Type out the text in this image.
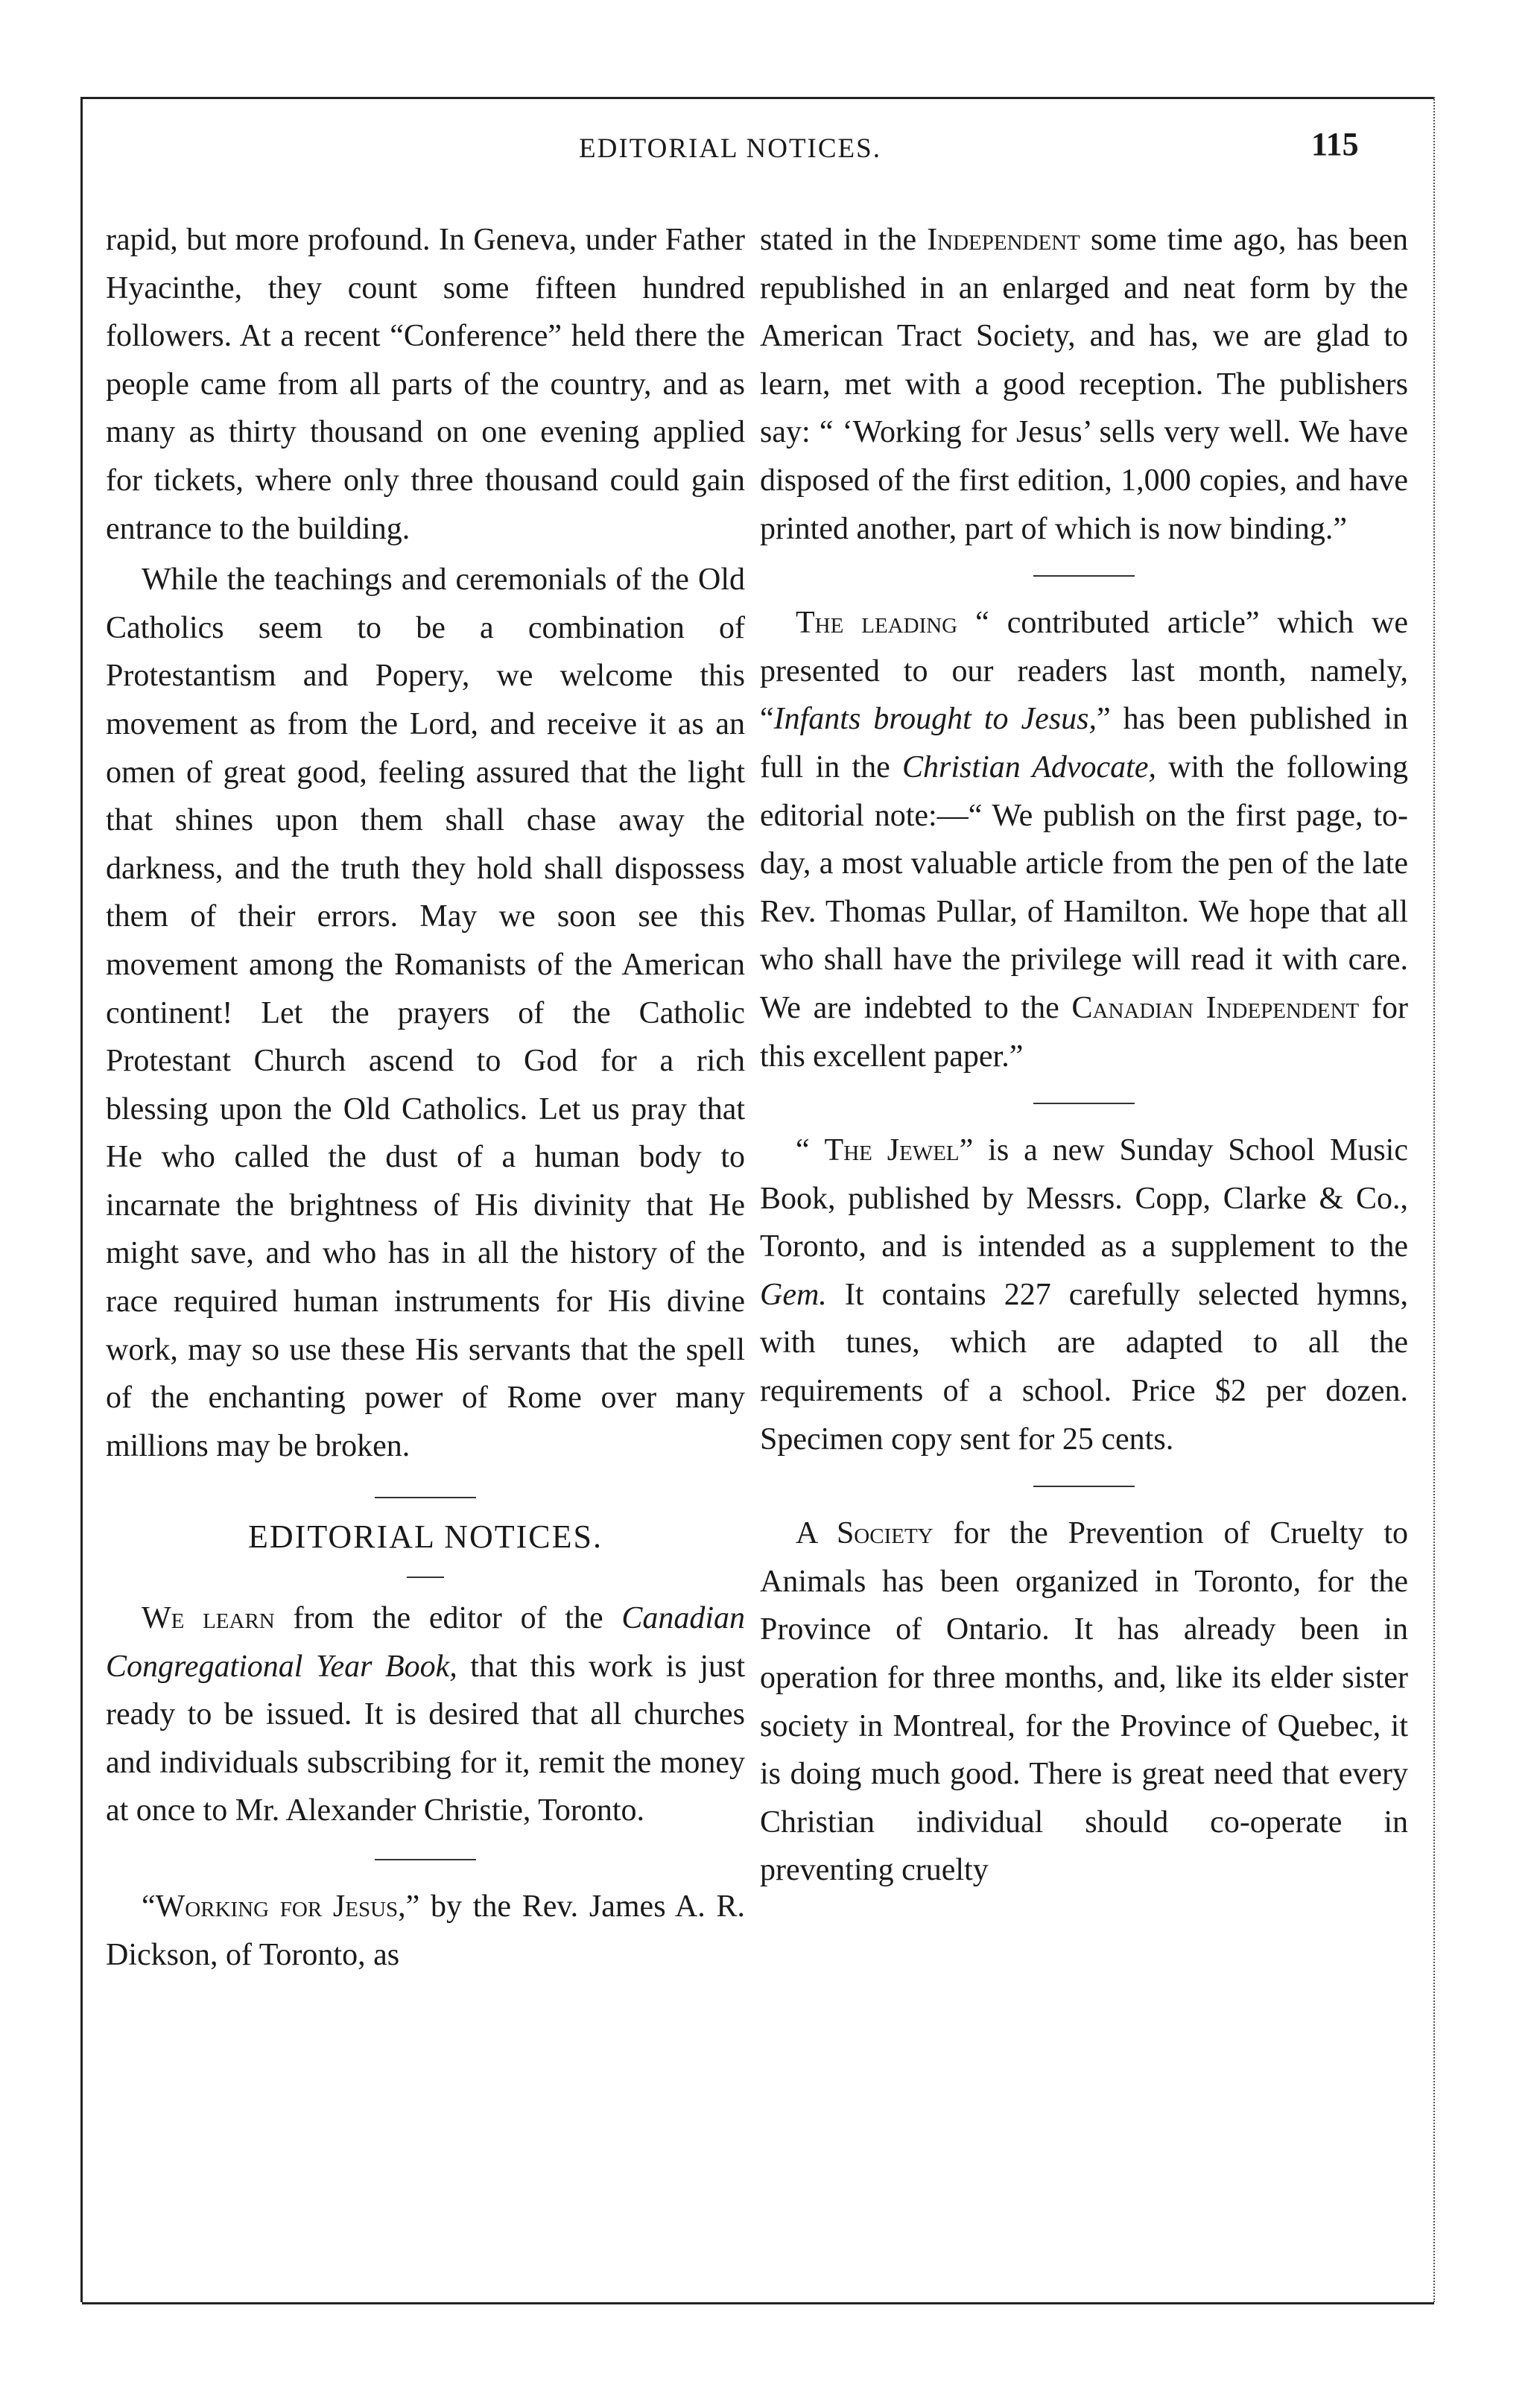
EDITORIAL NOTICES.	115

rapid, but more profound. In Geneva, under Father Hyacinthe, they count some fifteen hundred followers. At a recent “Conference” held there the people came from all parts of the country, and as many as thirty thousand on one evening applied for tickets, where only three thousand could gain entrance to the building.

While the teachings and ceremonials of the Old Catholics seem to be a combination of Protestantism and Popery, we welcome this movement as from the Lord, and receive it as an omen of great good, feeling assured that the light that shines upon them shall chase away the darkness, and the truth they hold shall dispossess them of their errors. May we soon see this movement among the Romanists of the American continent! Let the prayers of the Catholic Protestant Church ascend to God for a rich blessing upon the Old Catholics. Let us pray that He who called the dust of a human body to incarnate the brightness of His divinity that He might save, and who has in all the history of the race required human instruments for His divine work, may so use these His servants that the spell of the enchanting power of Rome over many millions may be broken.

EDITORIAL NOTICES.

We learn from the editor of the Canadian Congregational Year Book, that this work is just ready to be issued. It is desired that all churches and individuals subscribing for it, remit the money at once to Mr. Alexander Christie, Toronto.

“Working for Jesus,” by the Rev. James A. R. Dickson, of Toronto, as

stated in the Independent some time ago, has been republished in an enlarged and neat form by the American Tract Society, and has, we are glad to learn, met with a good reception. The publishers say: “ ‘Working for Jesus’ sells very well. We have disposed of the first edition, 1,000 copies, and have printed another, part of which is now binding.”

The leading “ contributed article” which we presented to our readers last month, namely, “Infants brought to Jesus,” has been published in full in the Christian Advocate, with the following editorial note:—“ We publish on the first page, to-day, a most valuable article from the pen of the late Rev. Thomas Pullar, of Hamilton. We hope that all who shall have the privilege will read it with care. We are indebted to the Canadian Independent for this excellent paper.”

“ The Jewel” is a new Sunday School Music Book, published by Messrs. Copp, Clarke & Co., Toronto, and is intended as a supplement to the Gem. It contains 227 carefully selected hymns, with tunes, which are adapted to all the requirements of a school. Price $2 per dozen. Specimen copy sent for 25 cents.

A Society for the Prevention of Cruelty to Animals has been organized in Toronto, for the Province of Ontario. It has already been in operation for three months, and, like its elder sister society in Montreal, for the Province of Quebec, it is doing much good. There is great need that every Christian individual should co-operate in preventing cruelty
